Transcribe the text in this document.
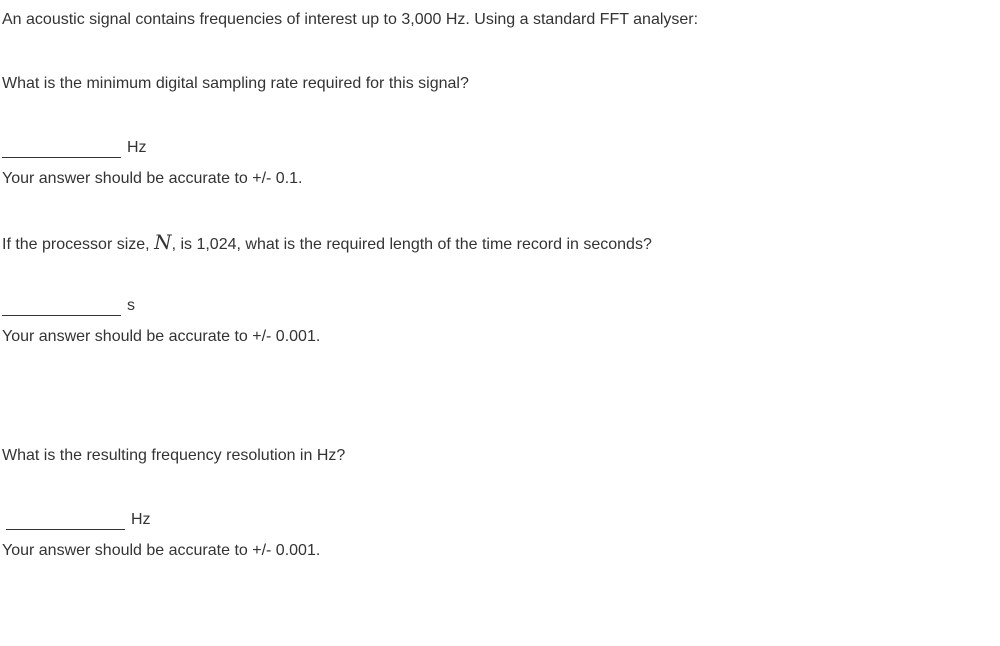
An acoustic signal contains frequencies of interest up to 3,000 Hz. Using a standard FFT analyser:
What is the minimum digital sampling rate required for this signal?
Hz
Your answer should be accurate to +/- 0.1.
If the processor size, N, is 1,024, what is the required length of the time record in seconds?
s
Your answer should be accurate to +/- 0.001.
What is the resulting frequency resolution in Hz?
Hz
Your answer should be accurate to +/- 0.001.
